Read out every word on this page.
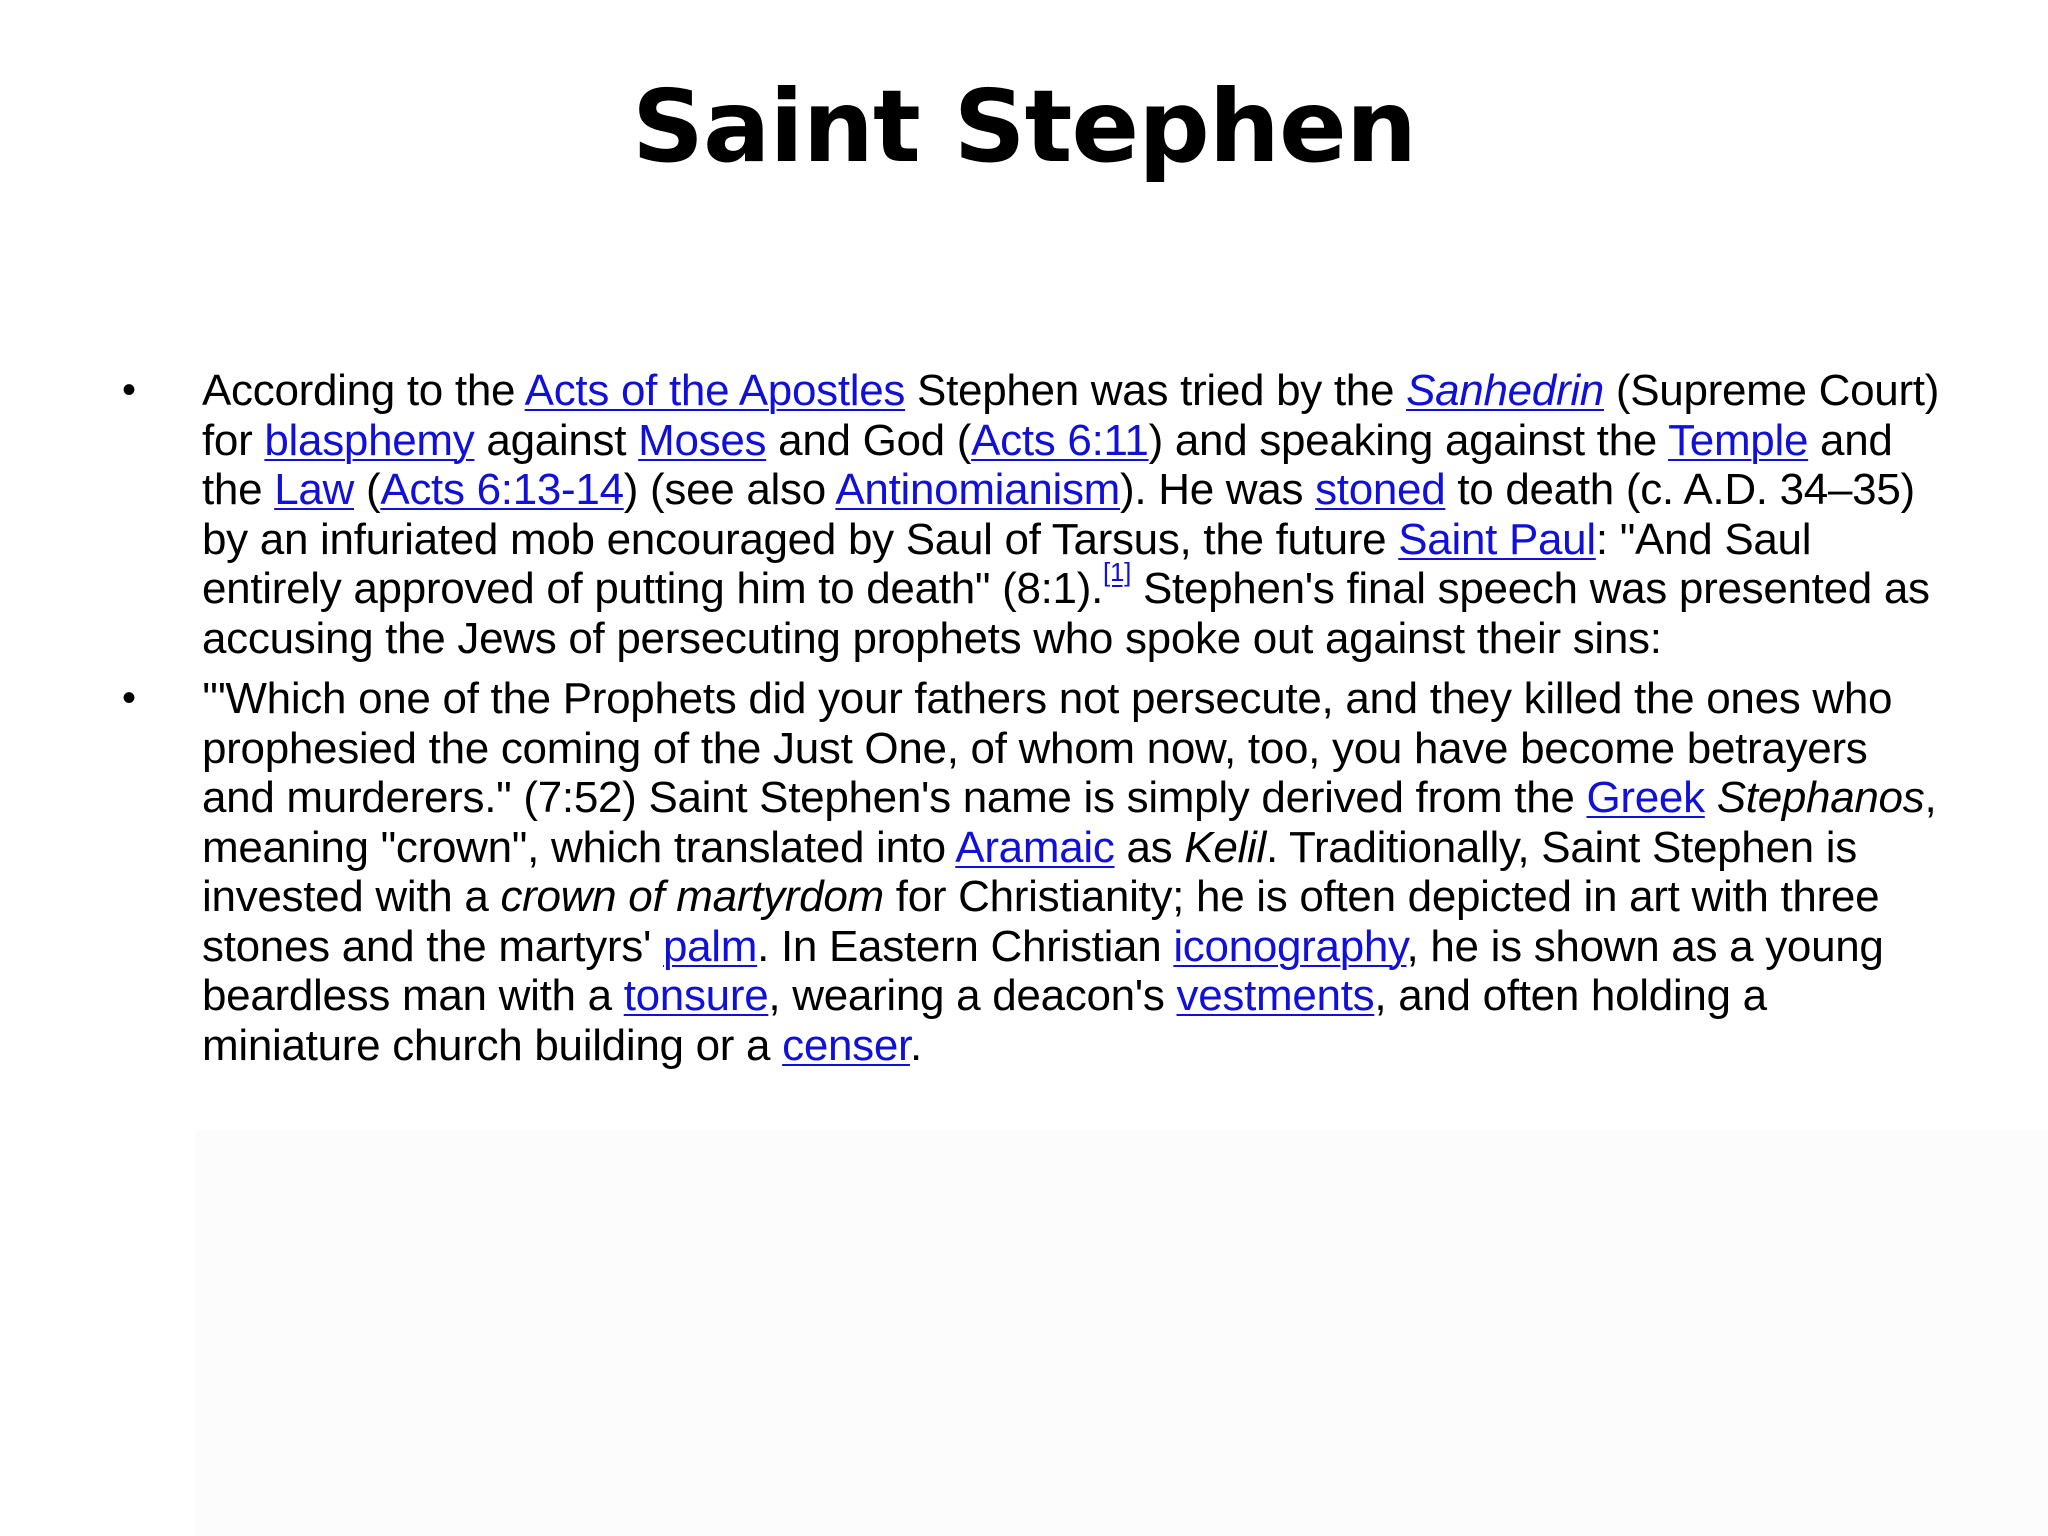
Saint Stephen
• According to the Acts of the Apostles Stephen was tried by the Sanhedrin (Supreme Court) for blasphemy against Moses and God (Acts 6:11) and speaking against the Temple and the Law (Acts 6:13-14) (see also Antinomianism). He was stoned to death (c. A.D. 34–35) by an infuriated mob encouraged by Saul of Tarsus, the future Saint Paul: "And Saul entirely approved of putting him to death" (8:1).[1] Stephen's final speech was presented as accusing the Jews of persecuting prophets who spoke out against their sins:
• '"Which one of the Prophets did your fathers not persecute, and they killed the ones who prophesied the coming of the Just One, of whom now, too, you have become betrayers and murderers." (7:52) Saint Stephen's name is simply derived from the Greek Stephanos, meaning "crown", which translated into Aramaic as Kelil. Traditionally, Saint Stephen is invested with a crown of martyrdom for Christianity; he is often depicted in art with three stones and the martyrs' palm. In Eastern Christian iconography, he is shown as a young beardless man with a tonsure, wearing a deacon's vestments, and often holding a miniature church building or a censer.
